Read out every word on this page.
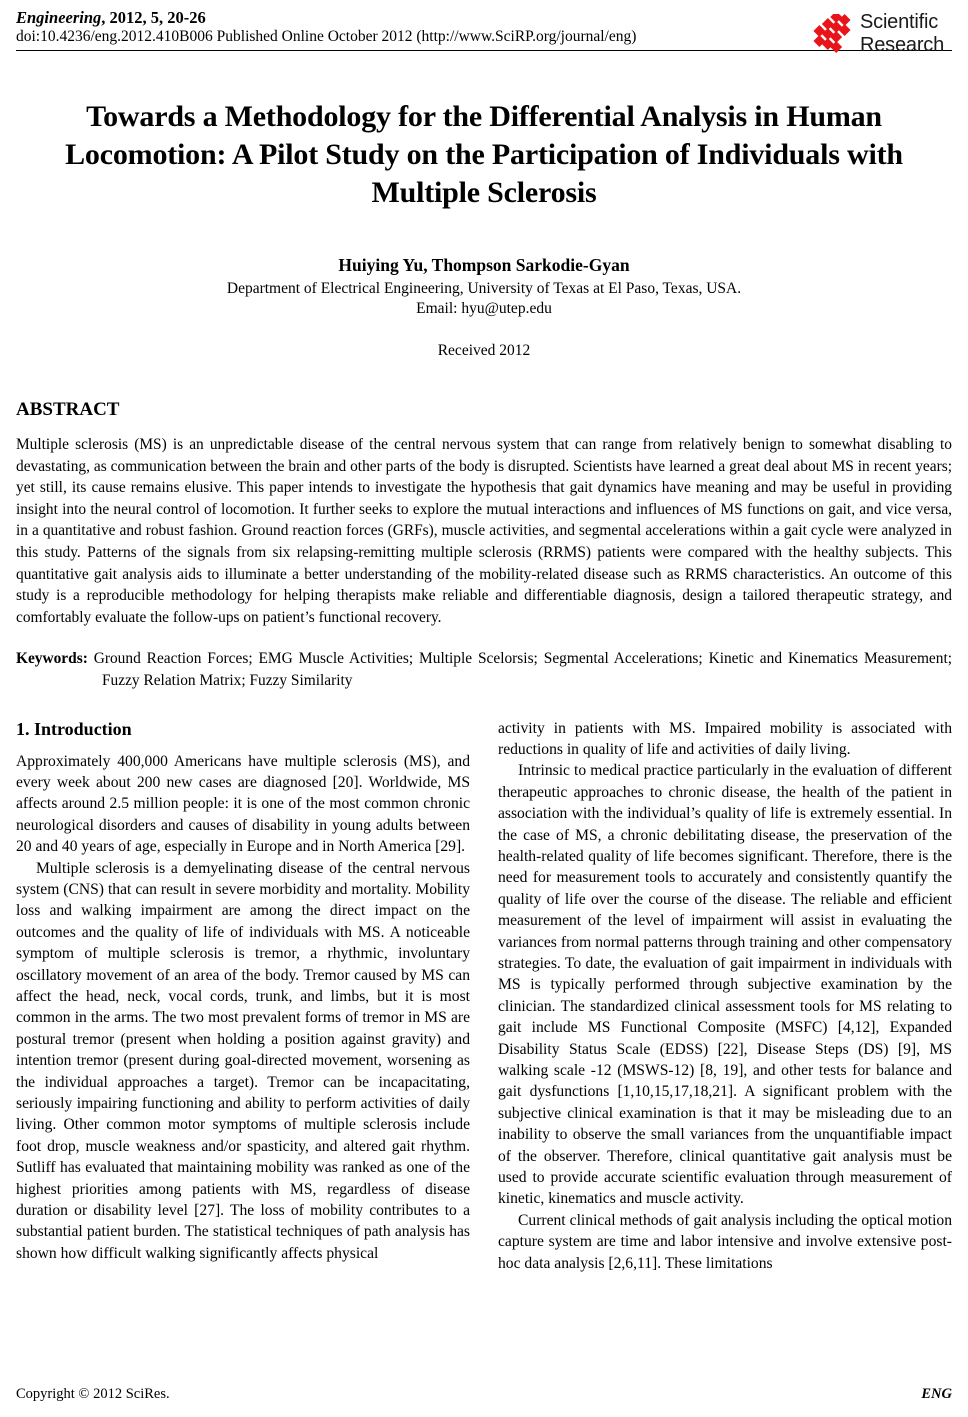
Engineering, 2012, 5, 20-26
doi:10.4236/eng.2012.410B006 Published Online October 2012 (http://www.SciRP.org/journal/eng)
Scientific
Research
Towards a Methodology for the Differential Analysis in Human Locomotion: A Pilot Study on the Participation of Individuals with Multiple Sclerosis
Huiying Yu, Thompson Sarkodie-Gyan
Department of Electrical Engineering, University of Texas at El Paso, Texas, USA.
Email: hyu@utep.edu
Received 2012
ABSTRACT
Multiple sclerosis (MS) is an unpredictable disease of the central nervous system that can range from relatively benign to somewhat disabling to devastating, as communication between the brain and other parts of the body is disrupted. Scientists have learned a great deal about MS in recent years; yet still, its cause remains elusive. This paper intends to investigate the hypothesis that gait dynamics have meaning and may be useful in providing insight into the neural control of locomotion. It further seeks to explore the mutual interactions and influences of MS functions on gait, and vice versa, in a quantitative and robust fashion. Ground reaction forces (GRFs), muscle activities, and segmental accelerations within a gait cycle were analyzed in this study. Patterns of the signals from six relapsing-remitting multiple sclerosis (RRMS) patients were compared with the healthy subjects. This quantitative gait analysis aids to illuminate a better understanding of the mobility-related disease such as RRMS characteristics. An outcome of this study is a reproducible methodology for helping therapists make reliable and differentiable diagnosis, design a tailored therapeutic strategy, and comfortably evaluate the follow-ups on patient’s functional recovery.
Keywords: Ground Reaction Forces; EMG Muscle Activities; Multiple Scelorsis; Segmental Accelerations; Kinetic and Kinematics Measurement; Fuzzy Relation Matrix; Fuzzy Similarity
1. Introduction

Approximately 400,000 Americans have multiple sclerosis (MS), and every week about 200 new cases are diagnosed [20]. Worldwide, MS affects around 2.5 million people: it is one of the most common chronic neurological disorders and causes of disability in young adults between 20 and 40 years of age, especially in Europe and in North America [29].

Multiple sclerosis is a demyelinating disease of the central nervous system (CNS) that can result in severe morbidity and mortality. Mobility loss and walking impairment are among the direct impact on the outcomes and the quality of life of individuals with MS. A noticeable symptom of multiple sclerosis is tremor, a rhythmic, involuntary oscillatory movement of an area of the body. Tremor caused by MS can affect the head, neck, vocal cords, trunk, and limbs, but it is most common in the arms. The two most prevalent forms of tremor in MS are postural tremor (present when holding a position against gravity) and intention tremor (present during goal-directed movement, worsening as the individual approaches a target). Tremor can be incapacitating, seriously impairing functioning and ability to perform activities of daily living. Other common motor symptoms of multiple sclerosis include foot drop, muscle weakness and/or spasticity, and altered gait rhythm. Sutliff has evaluated that maintaining mobility was ranked as one of the highest priorities among patients with MS, regardless of disease duration or disability level [27]. The loss of mobility contributes to a substantial patient burden. The statistical techniques of path analysis has shown how difficult walking significantly affects physical

activity in patients with MS. Impaired mobility is associated with reductions in quality of life and activities of daily living.

Intrinsic to medical practice particularly in the evaluation of different therapeutic approaches to chronic disease, the health of the patient in association with the individual’s quality of life is extremely essential. In the case of MS, a chronic debilitating disease, the preservation of the health-related quality of life becomes significant. Therefore, there is the need for measurement tools to accurately and consistently quantify the quality of life over the course of the disease. The reliable and efficient measurement of the level of impairment will assist in evaluating the variances from normal patterns through training and other compensatory strategies. To date, the evaluation of gait impairment in individuals with MS is typically performed through subjective examination by the clinician. The standardized clinical assessment tools for MS relating to gait include MS Functional Composite (MSFC) [4,12], Expanded Disability Status Scale (EDSS) [22], Disease Steps (DS) [9], MS walking scale -12 (MSWS-12) [8, 19], and other tests for balance and gait dysfunctions [1,10,15,17,18,21]. A significant problem with the subjective clinical examination is that it may be misleading due to an inability to observe the small variances from the unquantifiable impact of the observer. Therefore, clinical quantitative gait analysis must be used to provide accurate scientific evaluation through measurement of kinetic, kinematics and muscle activity.

Current clinical methods of gait analysis including the optical motion capture system are time and labor intensive and involve extensive post-hoc data analysis [2,6,11]. These limitations

Copyright © 2012 SciRes.	ENG
